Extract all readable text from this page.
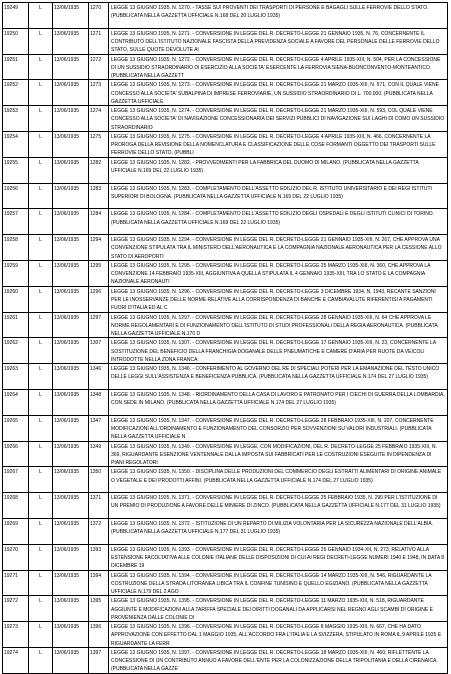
19249	L	13/06/1935	1270	LEGGE 13 GIUGNO 1935, N. 1270. - TASSE SUI PROVENTI DEI TRASPORTI DI PERSONE E BAGAGLI SULLE FERROVIE DELLO STATO. (PUBBLICATA NELLA GAZZETTA UFFICIALE N.168 DEL 20 LUGLIO 1935)
19250	L	13/06/1935	1271	LEGGE 13 GIUGNO 1935, N. 1271. - CONVERSIONE IN LEGGE DEL R. DECRETO-LEGGE 21 GENNAIO 1935, N. 76, CONCERNENTE IL CONTRIBUTO DELL'ISTITUTO NAZIONALE FASCISTA DELLA PREVIDENZA SOCIALE A FAVORE DEL PERSONALE DELLE FERROVIE DELLO STATO, SULLE QUOTE DEVOLUTE AI
19251	L	13/06/1935	1272	LEGGE 13 GIUGNO 1935, N. 1272. - CONVERSIONE IN LEGGE DEL R. DECRETO-LEGGE 4 APRILE 1935-XIII, N. 504, PER LA CONCESSIONE DI UN SUSSIDIO STRAORDINARIO DI ESERCIZIO ALLA SOCIETA' ESERCENTE LA FERROVIA SIENA-BUONCONVENTO-MONTEANTICO. (PUBBLICATA NELLA GAZZETT
19252	L	13/06/1935	1273	LEGGE 13 GIUGNO 1935, N. 1273. - CONVERSIONE IN LEGGE DEL R. DECRETO-LEGGE 21 MARZO 1935-XIII, N. 571, CON IL QUALE VIENE CONCESSO ALLA SOCIETA' SUBALPINA DI IMPRESE FERROVIARIE, UN SUSSIDIO STRAORDINARIO DI L. 700.000. (PUBBLICATA NELLA GAZZETTA UFFICIALE
19253	L	13/06/1935	1274	LEGGE 13 GIUGNO 1935, N. 1274. - CONVERSIONE IN LEGGE DEL R. DECRETO-LEGGE 21 MARZO 1935-XIII, N. 593, COL QUALE VIENE CONCESSO ALLA SOCIETA' DI NAVIGAZIONE CONCESSIONARIA DEI SERVIZI PUBBLICI DI NAVIGAZIONE SUI LAGHI DI COMO UN SUSSIDIO STRAORDINARIO
19254	L	13/06/1935	1275	LEGGE 13 GIUGNO 1935, N. 1275. - CONVERSIONE IN LEGGE DEL R. DECRETO-LEGGE 4 APRILE 1935-XIII, N. 466, CONCERNENTE LA PROROGA DELLA REVISIONE DELLA NOMENCLATURA E CLASSIFICAZIONE DELLE COSE FORMANTI OGGETTO DEI TRASPORTI SULLE FERROVIE DELLO STATO. (PUBBLI
19255	L	13/06/1935	1282	LEGGE 13 GIUGNO 1935, N. 1282. - PROVVEDIMENTI PER LA FABBRICA DEL DUOMO DI MILANO. (PUBBLICATA NELLA GAZZETTA UFFICIALE N.169 DEL 22 LUGLIO 1935)
19256	L	13/06/1935	1283	LEGGE 13 GIUGNO 1935, N. 1283. - COMPLETAMENTO DELL'ASSETTO EDILIZIO DEL R. ISTITUTO UNIVERSITARIO E DEI REGI ISTITUTI SUPERIORI DI BOLOGNA. (PUBBLICATA NELLA GAZZETTA UFFICIALE N.169 DEL 22 LUGLIO 1935)
19257	L	13/06/1935	1284	LEGGE 13 GIUGNO 1935, N. 1284. - COMPLETAMENTO DELL'ASSETTO EDILIZIO DEGLI OSPEDALI E DEGLI ISTITUTI CLINICI DI TORINO. (PUBBLICATA NELLA GAZZETTA UFFICIALE N.169 DEL 22 LUGLIO 1935)
19258	L	13/06/1935	1294	LEGGE 13 GIUGNO 1935, N. 1294. - CONVERSIONE IN LEGGE DEL R. DECRETO-LEGGE 21 GENNAIO 1935-XIII, N. 267, CHE APPROVA UNA CONVENZIONE STIPULATA TRA IL MINISTERO DELL'AERONAUTICA E LA COMPAGNIA NAZIONALE AERONAUTICA PER LA CESSIONE ALLO STATO DI AEROPORTI
19259	L	13/06/1935	1295	LEGGE 13 GIUGNO 1935, N. 1295. - CONVERSIONE IN LEGGE DEL R. DECRETO-LEGGE 25 MARZO 1935-XIII, N. 360, CHE APPROVA LA CONVENZIONE 14 FEBBRAIO 1935-XIII, AGGIUNTIVA A QUELLA STIPULATA IL 4 GENNAIO 1935-XIII, TRA LO STATO E LA COMPAGNIA NAZIONALE AERONAUTI
19260	L	13/06/1935	1296	LEGGE 13 GIUGNO 1935, N. 1296. - CONVERSIONE IN LEGGE DEL R. DECRETO-LEGGE 3 DICEMBRE 1934, N. 1943, RECANTE SANZIONI PER LE INOSSERVANZE DELLE NORME RELATIVE ALLA CORRISPONDENZA DI BANCHE E CAMBIAVALUTE RIFERENTISI A PAGAMENTI FUORI D'ITALIA ED AL C
19261	L	13/06/1935	1297	LEGGE 13 GIUGNO 1935, N. 1297. - CONVERSIONE IN LEGGE DEL R. DECRETO-LEGGE 28 GENNAIO 1935-XIII, N. 64 CHE APPROVA LE NORME REGOLAMENTARI E DI FUNZIONAMENTO DELL'ISTITUTO DI STUDI PROFESSIONALI DELLA REGIA AERONAUTICA. (PUBBLICATA NELLA GAZZETTA UFFICIALE N.170 D
19262	L	13/06/1935	1307	LEGGE 13 GIUGNO 1935, N. 1307. - CONVERSIONE IN LEGGE DEL R. DECRETO-LEGGE 17 GENNAIO 1935-XIII, N. 23, CONCERNENTE LA SOSTITUZIONE DEL BENEFICIO DELLA FRANCHIGIA DOGANALE DELLE PNEUMATICHE E CAMERE D'ARIA PER RUOTE DA VEICOLI INTRODOTTE NELLA ZONA FRANCA
19263	L	13/06/1935	1346	LEGGE 13 GIUGNO 1935, N. 1346. - CONFERIMENTO AL GOVERNO DEL RE DI SPECIALI POTERI PER LA EMANAZIONE DEL TESTO UNICO DELLE LEGGI SULL'ASSISTENZA E BENEFICENZA PUBBLICA. (PUBBLICATA NELLA GAZZETTA UFFICIALE N.174 DEL 27 LUGLIO 1935)
19264	L	13/06/1935	1348	LEGGE 13 GIUGNO 1935, N. 1348. - RIORDINAMENTO DELLA CASA DI LAVORO E PATRONATO PER I CIECHI DI GUERRA DELLA LOMBARDIA, CON SEDE IN MILANO. (PUBBLICATA NELLA GAZZETTA UFFICIALE N.174 DEL 27 LUGLIO 1935)
19265	L	13/06/1935	1347	LEGGE 13 GIUGNO 1935, N. 1347. - CONVERSIONE IN LEGGE DEL R. DECRETO-LEGGE 28 FEBBRAIO 1935-XIII, N. 207, CONCERNENTE MODIFICAZIONI ALL'ORDINAMENTO E FUNZIONAMENTO DEL CONSORZIO PER SOVVENZIONI SU VALORI INDUSTRIALI. (PUBBLICATA NELLA GAZZETTA UFFICIALE N
19266	L	13/06/1935	1349	LEGGE 13 GIUGNO 1935, N. 1349. - CONVERSIONE IN LEGGE, CON MODIFICAZIONI, DEL R. DECRETO-LEGGE 25 FEBBRAIO 1935-XIII, N. 369, RIGUARDANTE ESENZIONE VENTENNALE DALLA IMPOSTA SUI FABBRICATI PER LE COSTRUZIONI ESEGUITE IN DIPENDENZA DI PIANI REGOLATORI
19267	L	13/06/1935	1350	LEGGE 13 GIUGNO 1935, N. 1350. - DISCIPLINA DELLE PRODUZIONI DEL COMMERCIO DEGLI ESTRATTI ALIMENTARI DI ORIGINE ANIMALE O VEGETALE E DEI PRODOTTI AFFINI. (PUBBLICATA NELLA GAZZETTA UFFICIALE N.174 DEL 27 LUGLIO 1935)
19268	L	13/06/1935	1371	LEGGE 13 GIUGNO 1935, N. 1371. - CONVERSIONE IN LEGGE DEL R. DECRETO-LEGGE 25 FEBBRAIO 1935, N. 290 PER L'ISTITUZIONE DI UN PREMIO DI PRODUZIONE A FAVORE DELLE MINIERE DI ZINCO. (PUBBLICATA NELLA GAZZETTA UFFICIALE N.177 DEL 31 LUGLIO 1935)
19269	L	13/06/1935	1372	LEGGE 13 GIUGNO 1935, N. 1372. - ISTITUZIONE DI UN REPARTO DI MILIZIA VOLONTARIA PER LA SICUREZZA NAZIONALE DELL'ALBIA. (PUBBLICATA NELLA GAZZETTA UFFICIALE N.177 DEL 31 LUGLIO 1935)
19270	L	13/06/1935	1393	LEGGE 13 GIUGNO 1935, N. 1393. - CONVERSIONE IN LEGGE DEL R. DECRETO-LEGGE 26 GENNAIO 1934-XII, N. 273, RELATIVO ALLA ESTENSIONE FACOLTATIVA ALLE COLONIE ITALIANE DELLE DISPOSIZIONI DI CUI AI REGI DECRETI-LEGGE NUMERI 1940 E 1948, IN DATA 8 DICEMBRE 19
19271	L	13/06/1935	1394	LEGGE 13 GIUGNO 1935, N. 1394. - CONVERSIONE IN LEGGE DEL R. DECRETO-LEGGE 14 MARZO 1935-XIII, N. 546, RIGUARDANTE LA COSTRUZIONE DELLA STRADA LITORANEA LIBICA TRA IL CONFINE TUNISINO E QUELLO EGIZIANO. (PUBBLICATA NELLA GAZZETTA UFFICIALE N.179 DEL 2 AGO
19272	L	13/06/1935	1395	LEGGE 13 GIUGNO 1935, N. 1395. - CONVERSIONE IN LEGGE DEL R. DECRETO-LEGGE 11 MARZO 1935-XIII, N. 518, RIGUARDANTE AGGIUNTE E MODIFICAZIONI ALLA TARIFFA SPECIALE DEI DIRITTI DOGANALI DA APPLICARSI NEL REGNO AGLI SCAMBI DI ORIGINE E PROVENIENZA DALLE COLONIE DI
19273	L	13/06/1935	1396	LEGGE 13 GIUGNO 1935, N. 1396. - CONVERSIONE IN LEGGE DEL R. DECRETO-LEGGE 8 MAGGIO 1935-XIII, N. 667, CHE HA DATO APPROVAZIONE CON EFFETTO DAL 1 MAGGIO 1935, ALL'ACCORDO FRA L'ITALIA E LA SVIZZERA, STIPULATO IN ROMA IL 9 APRILE 1935 E RIGUARDANTE LA FERR
19274	L	13/06/1935	1397	LEGGE 13 GIUGNO 1935, N. 1397. - CONVERSIONE IN LEGGE DEL R. DECRETO-LEGGE 18 MARZO 1935-XIII, N. 460, RIFLETTENTE LA CONCESSIONE DI UN CONTRIBUTO ANNUO A FAVORE DELL'ENTE PER LA COLONIZZAZIONE DELLA TRIPOLITANIA E DELLA CIRENAICA. (PUBBLICATA NELLA GAZZE
